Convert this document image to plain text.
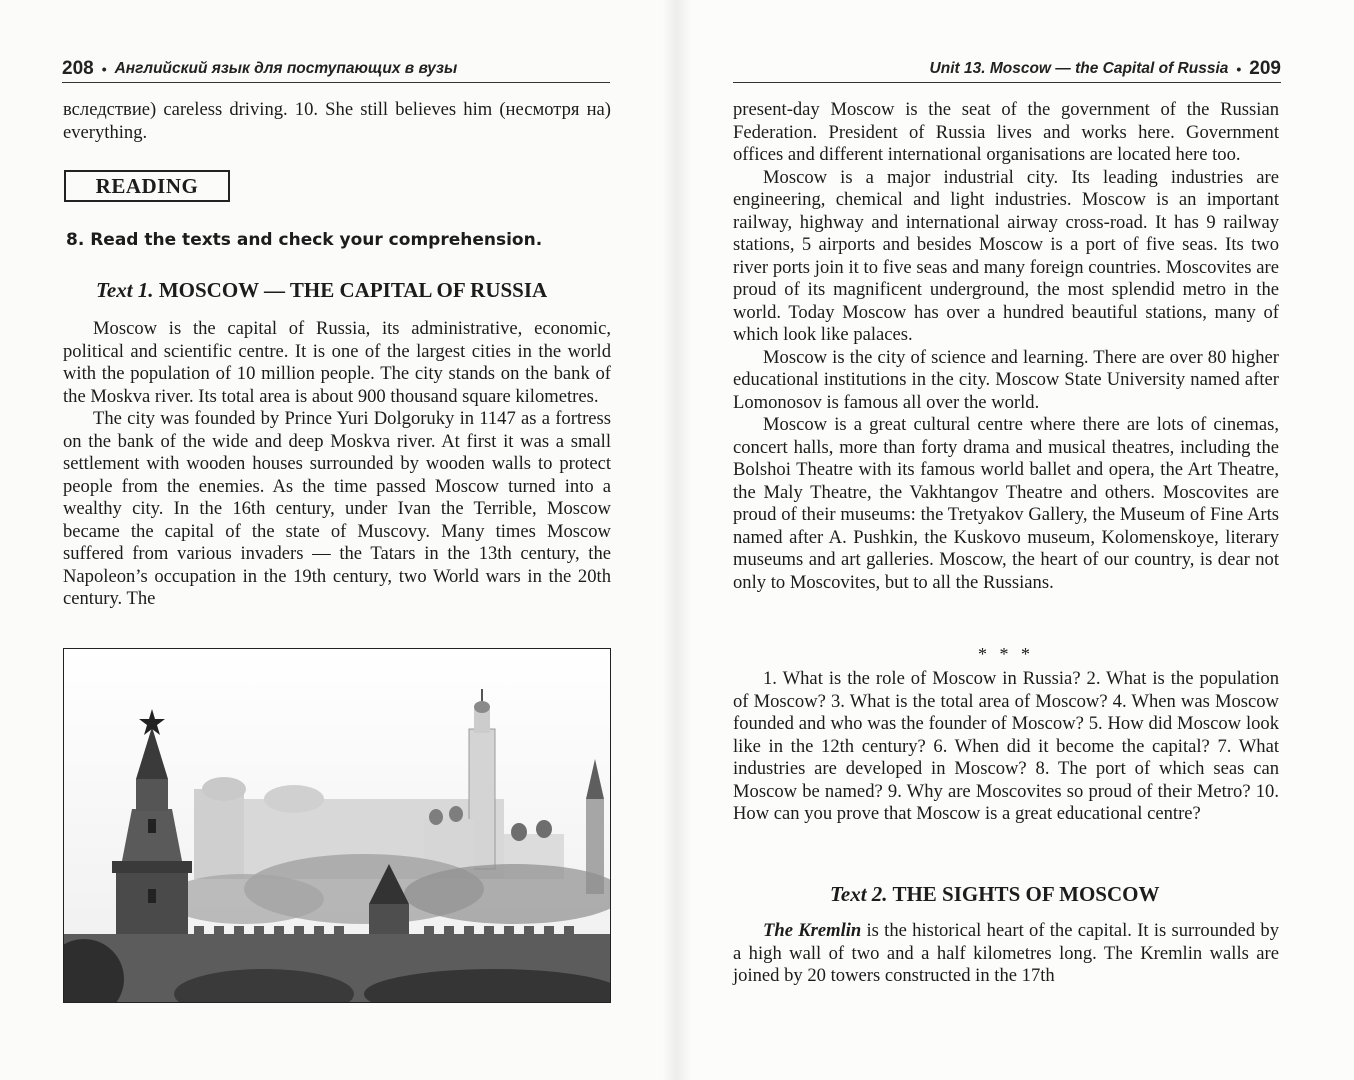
208 • Английский язык для поступающих в вузы	Unit 13. Moscow — the Capital of Russia • 209

вследствие) careless driving. 10. She still believes him (несмотря на) everything.

READING
8. Read the texts and check your comprehension.
Text 1. MOSCOW — THE CAPITAL OF RUSSIA

Moscow is the capital of Russia, its administrative, economic, political and scientific centre. It is one of the largest cities in the world with the population of 10 million people. The city stands on the bank of the Moskva river. Its total area is about 900 thousand square kilometres.

The city was founded by Prince Yuri Dolgoruky in 1147 as a fortress on the bank of the wide and deep Moskva river. At first it was a small settlement with wooden houses surrounded by wooden walls to protect people from the enemies. As the time passed Moscow turned into a wealthy city. In the 16th century, under Ivan the Terrible, Moscow became the capital of the state of Muscovy. Many times Moscow suffered from various invaders — the Tatars in the 13th century, the Napoleon’s occupation in the 19th century, two World wars in the 20th century. The

present-day Moscow is the seat of the government of the Russian Federation. President of Russia lives and works here. Government offices and different international organisations are located here too.

Moscow is a major industrial city. Its leading industries are engineering, chemical and light industries. Moscow is an important railway, highway and international airway cross-road. It has 9 railway stations, 5 airports and besides Moscow is a port of five seas. Its two river ports join it to five seas and many foreign countries. Moscovites are proud of its magnificent underground, the most splendid metro in the world. Today Moscow has over a hundred beautiful stations, many of which look like palaces.

Moscow is the city of science and learning. There are over 80 higher educational institutions in the city. Moscow State University named after Lomonosov is famous all over the world.

Moscow is a great cultural centre where there are lots of cinemas, concert halls, more than forty drama and musical theatres, including the Bolshoi Theatre with its famous world ballet and opera, the Art Theatre, the Maly Theatre, the Vakhtangov Theatre and others. Moscovites are proud of their museums: the Tretyakov Gallery, the Museum of Fine Arts named after A. Pushkin, the Kuskovo museum, Kolomenskoye, literary museums and art galleries. Moscow, the heart of our country, is dear not only to Moscovites, but to all the Russians.

* * *

1. What is the role of Moscow in Russia? 2. What is the population of Moscow? 3. What is the total area of Moscow? 4. When was Moscow founded and who was the founder of Moscow? 5. How did Moscow look like in the 12th century? 6. When did it become the capital? 7. What industries are developed in Moscow? 8. The port of which seas can Moscow be named? 9. Why are Moscovites so proud of their Metro? 10. How can you prove that Moscow is a great educational centre?

Text 2. THE SIGHTS OF MOSCOW

The Kremlin is the historical heart of the capital. It is surrounded by a high wall of two and a half kilometres long. The Kremlin walls are joined by 20 towers constructed in the 17th
